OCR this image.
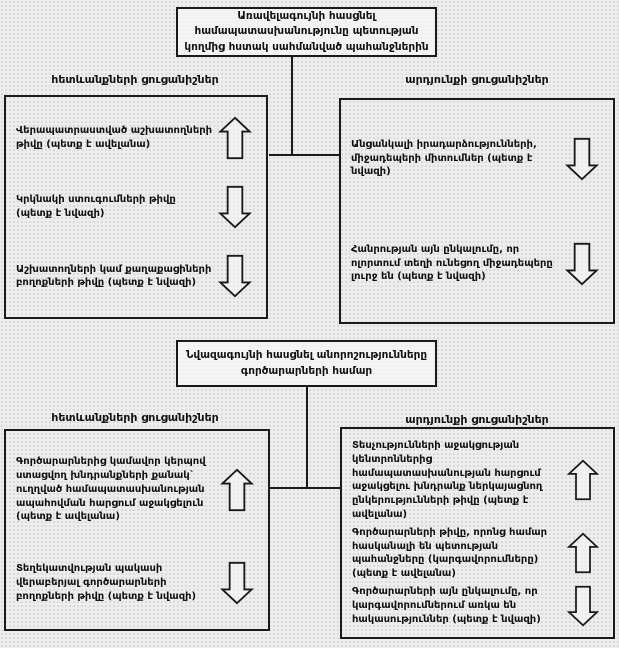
Առավելագույնի հասցնել համապատասխանությունը պետության կողմից հստակ սահմանված պահանջներին
հետևանքների ցուցանիշներ	արդյունքի ցուցանիշներ
Վերապատրաստված աշխատողների թիվը (պետք է ավելանա)
Կրկնակի ստուգումների թիվը (պետք է նվազի)
Աշխատողների կամ քաղաքացիների բողոքների թիվը (պետք է նվազի)
Անցանկալի իրադարձությունների, միջադեպերի միտումներ (պետք է նվազի)
Հանրության այն ընկալումը, որ ոլորտում տեղի ունեցող միջադեպերը լուրջ են (պետք է նվազի)
Նվազագույնի հասցնել անորոշությունները գործարարների համար
հետևանքների ցուցանիշներ	արդյունքի ցուցանիշներ
Գործարարներից կամավոր կերպով ստացվող խնդրանքների քանակ` ուղղված համապատասխանության ապահովման հարցում աջակցելուն (պետք է ավելանա)
Տեղեկատվության պակասի վերաբերյալ գործարարների բողոքների թիվը (պետք է նվազի)
Տեսչությունների աջակցության կենտրոններից համապատասխանության հարցում աջակցելու խնդրանք ներկայացնող ընկերությունների թիվը (պետք է ավելանա)
Գործարարների թիվը, որոնց համար հասկանալի են պետության պահանջները (կարգավորումները) (պետք է ավելանա)
Գործարարների այն ընկալումը, որ կարգավորումներում առկա են հակասություններ (պետք է նվազի)
